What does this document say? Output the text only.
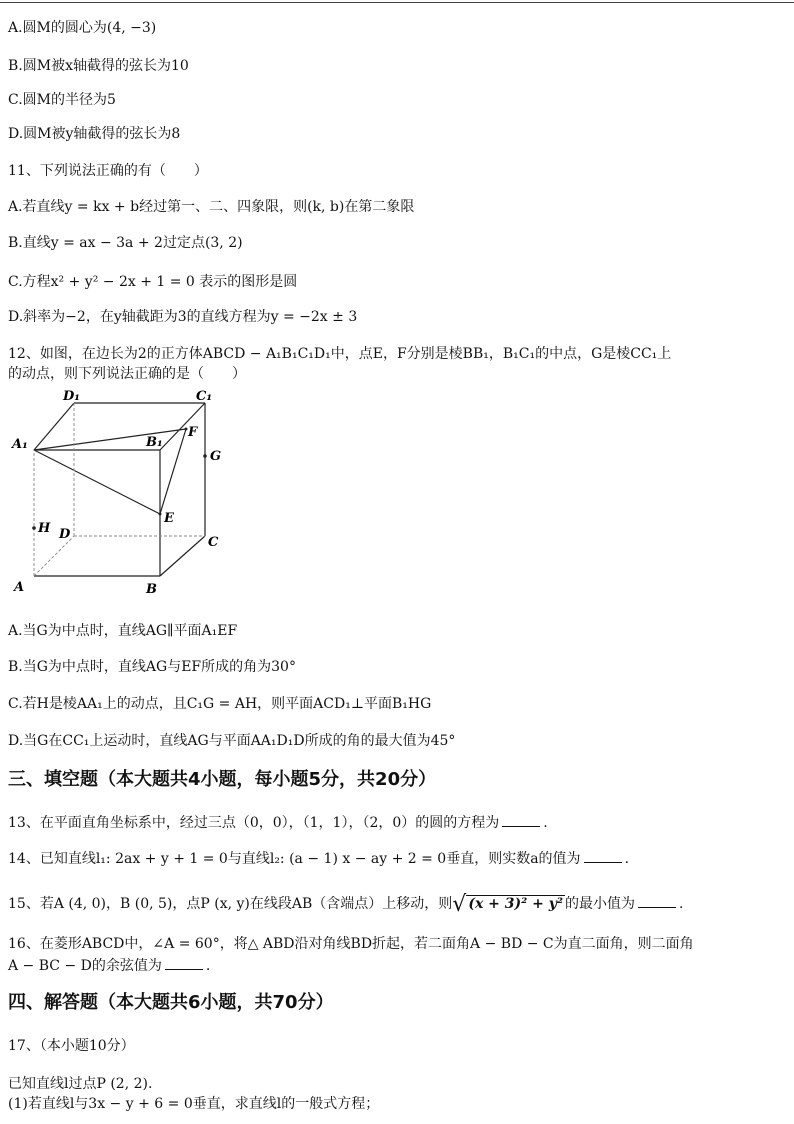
A.圆M的圆心为(4, −3)
B.圆M被x轴截得的弦长为10
C.圆M的半径为5
D.圆M被y轴截得的弦长为8
11、下列说法正确的有（　　）
A.若直线y = kx + b经过第一、二、四象限，则(k, b)在第二象限
B.直线y = ax − 3a + 2过定点(3, 2)
C.方程x² + y² − 2x + 1 = 0 表示的图形是圆
D.斜率为−2，在y轴截距为3的直线方程为y = −2x ± 3
12、如图，在边长为2的正方体ABCD − A₁B₁C₁D₁中，点E，F分别是棱BB₁，B₁C₁的中点，G是棱CC₁上
的动点，则下列说法正确的是（　　）
D₁	C₁
A₁	B₁
F
G
E
H D
C
A	B
A.当G为中点时，直线AG∥平面A₁EF
B.当G为中点时，直线AG与EF所成的角为30°
C.若H是棱AA₁上的动点，且C₁G = AH，则平面ACD₁⊥平面B₁HG
D.当G在CC₁上运动时，直线AG与平面AA₁D₁D所成的角的最大值为45°
三、填空题（本大题共4小题，每小题5分，共20分）
13、在平面直角坐标系中，经过三点（0，0），（1，1），（2，0）的圆的方程为	.
14、已知直线l₁: 2ax + y + 1 = 0与直线l₂: (a − 1) x − ay + 2 = 0垂直，则实数a的值为	.
15、若A (4, 0)，B (0, 5)，点P (x, y)在线段AB（含端点）上移动，则√ (x + 3)² + y² 的最小值为	.
16、在菱形ABCD中，∠A = 60°，将△ ABD沿对角线BD折起，若二面角A − BD − C为直二面角，则二面角
A − BC − D的余弦值为	.
四、解答题（本大题共6小题，共70分）
17、（本小题10分）
已知直线l过点P (2, 2).
(1)若直线l与3x − y + 6 = 0垂直，求直线l的一般式方程；
